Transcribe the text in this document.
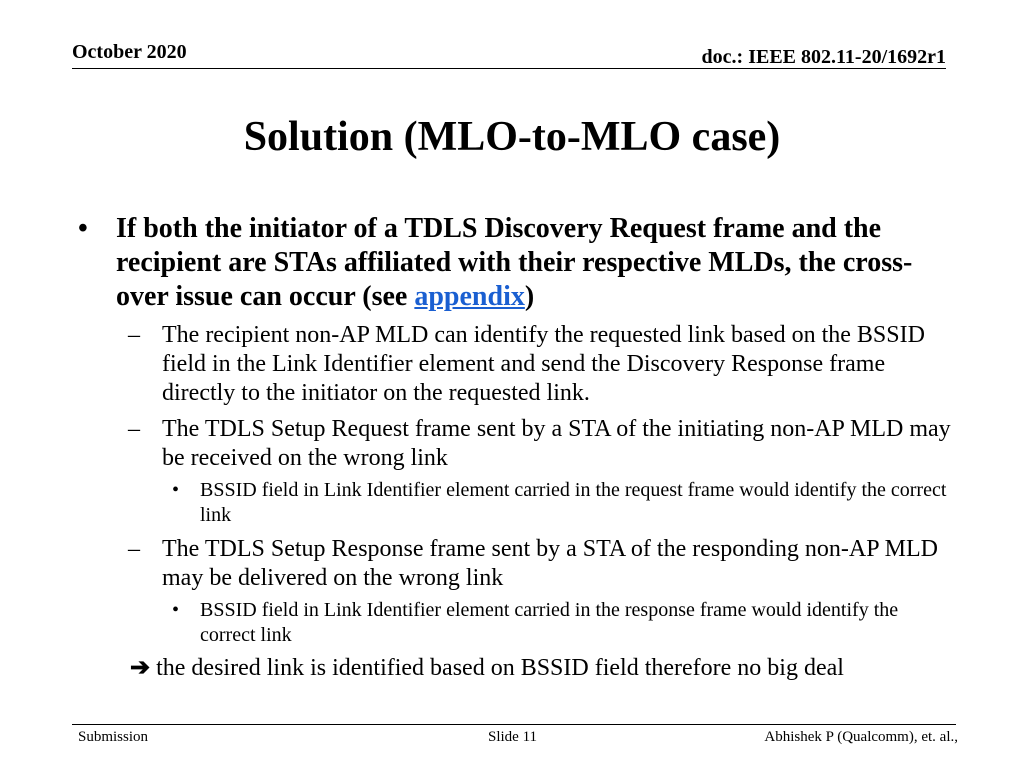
October 2020	doc.: IEEE 802.11-20/1692r1
Solution (MLO-to-MLO case)
• If both the initiator of a TDLS Discovery Request frame and the recipient are STAs affiliated with their respective MLDs, the cross-over issue can occur (see appendix)
– The recipient non-AP MLD can identify the requested link based on the BSSID field in the Link Identifier element and send the Discovery Response frame directly to the initiator on the requested link.
– The TDLS Setup Request frame sent by a STA of the initiating non-AP MLD may be received on the wrong link
• BSSID field in Link Identifier element carried in the request frame would identify the correct link
– The TDLS Setup Response frame sent by a STA of the responding non-AP MLD may be delivered on the wrong link
• BSSID field in Link Identifier element carried in the response frame would identify the correct link
➔ the desired link is identified based on BSSID field therefore no big deal
Submission	Slide 11	Abhishek P (Qualcomm), et. al.,
